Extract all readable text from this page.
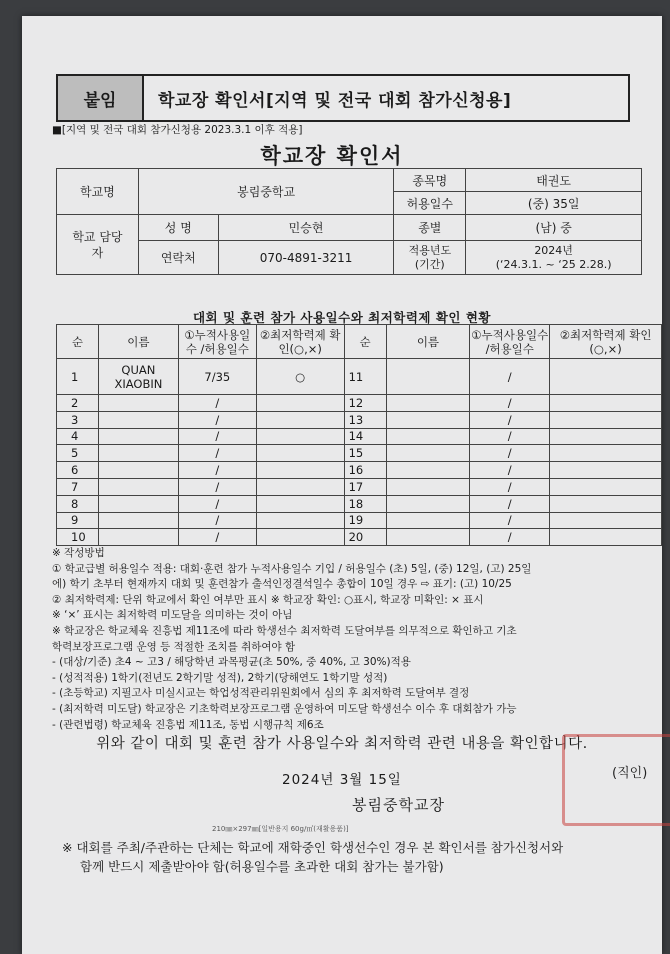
붙임	학교장 확인서[지역 및 전국 대회 참가신청용]
■[지역 및 전국 대회 참가신청용 2023.3.1 이후 적용]
학교장 확인서
학교명	봉림중학교		종목명	태권도
			허용일수	(중) 35일
학교 담당자	성 명	민승현	종별	(남) 중
	연락처	070-4891-3211	적용년도 (기간)	2024년
(‘24.3.1. ~ ‘25 2.28.)
대회 및 훈련 참가 사용일수와 최저학력제 확인 현황
순	이름	①누적사용일수 /허용일수	②최저학력제 확인(○,×)	순	이름	①누적사용일수 /허용일수	②최저학력제 확인(○,×)
1	QUAN XIAOBIN	7/35	○	11		/	
2		/		12		/	
3		/		13		/	
4		/		14		/	
5		/		15		/	
6		/		16		/	
7		/		17		/	
8		/		18		/	
9		/		19		/	
10		/		20		/	
※ 작성방법
① 학교급별 허용일수 적용: 대회·훈련 참가 누적사용일수 기입 / 허용일수 (초) 5일, (중) 12일, (고) 25일
에) 학기 초부터 현재까지 대회 및 훈련참가 출석인정결석일수 총합이 10일 경우 ⇨ 표기: (고) 10/25
② 최저학력제: 단위 학교에서 확인 여부만 표시 ※ 학교장 확인: ○표시, 학교장 미확인: × 표시
※ ‘×’ 표시는 최저학력 미도달을 의미하는 것이 아님
※ 학교장은 학교체육 진흥법 제11조에 따라 학생선수 최저학력 도달여부를 의무적으로 확인하고 기초
학력보장프로그램 운영 등 적절한 조치를 취하여야 함
- (대상/기준) 초4 ~ 고3 / 해당학년 과목평균(초 50%, 중 40%, 고 30%)적용
- (성적적용) 1학기(전년도 2학기말 성적), 2학기(당해연도 1학기말 성적)
- (초등학교) 지필고사 미실시교는 학업성적관리위원회에서 심의 후 최저학력 도달여부 결정
- (최저학력 미도달) 학교장은 기초학력보장프로그램 운영하여 미도달 학생선수 이수 후 대회참가 가능
- (관련법령) 학교체육 진흥법 제11조, 동법 시행규칙 제6조
위와 같이 대회 및 훈련 참가 사용일수와 최저학력 관련 내용을 확인합니다.
2024년 3월 15일
봉림중학교장
(직인)
210㎜×297㎜[일반용지 60g/㎡(재활용품)]
※ 대회를 주최/주관하는 단체는 학교에 재학중인 학생선수인 경우 본 확인서를 참가신청서와
함께 반드시 제출받아야 함(허용일수를 초과한 대회 참가는 불가함)
